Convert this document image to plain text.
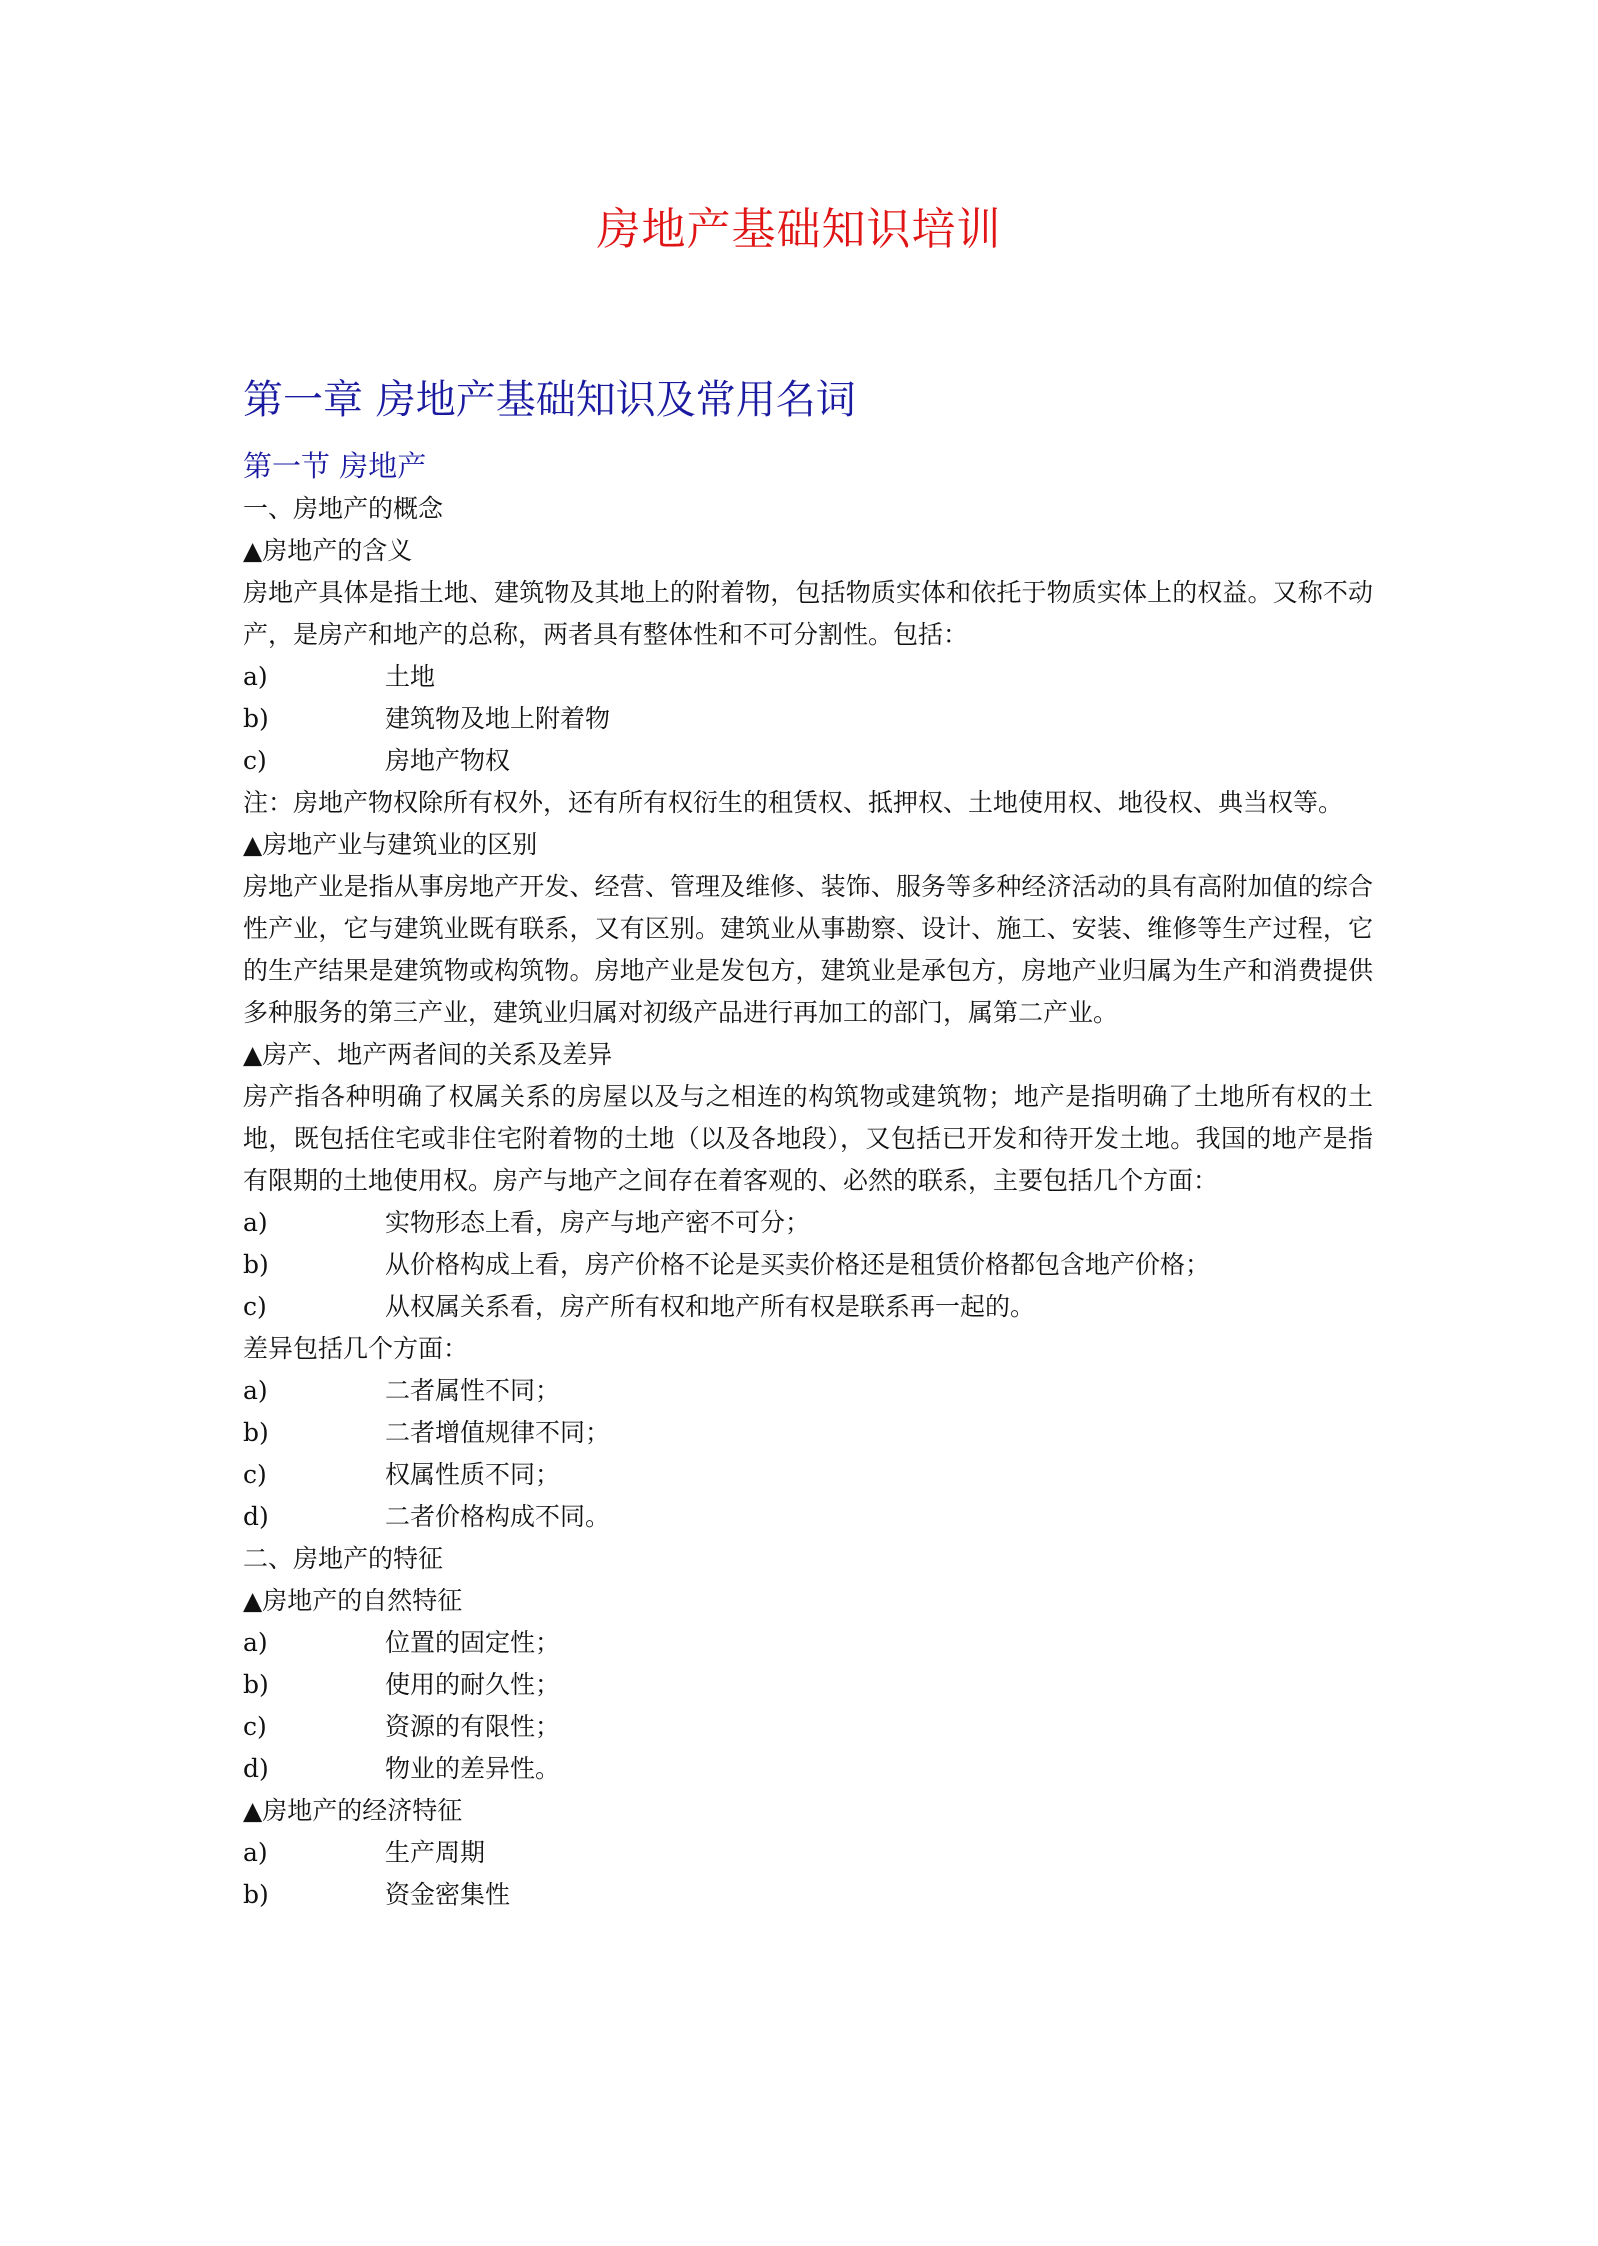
房地产基础知识培训
第一章 房地产基础知识及常用名词
第一节 房地产

一、房地产的概念

▲房地产的含义

房地产具体是指土地、建筑物及其地上的附着物，包括物质实体和依托于物质实体上的权益。又称不动产，是房产和地产的总称，两者具有整体性和不可分割性。包括：

a)	土地
b)	建筑物及地上附着物
c)	房地产物权

注：房地产物权除所有权外，还有所有权衍生的租赁权、抵押权、土地使用权、地役权、典当权等。

▲房地产业与建筑业的区别

房地产业是指从事房地产开发、经营、管理及维修、装饰、服务等多种经济活动的具有高附加值的综合性产业，它与建筑业既有联系，又有区别。建筑业从事勘察、设计、施工、安装、维修等生产过程，它的生产结果是建筑物或构筑物。房地产业是发包方，建筑业是承包方，房地产业归属为生产和消费提供多种服务的第三产业，建筑业归属对初级产品进行再加工的部门，属第二产业。

▲房产、地产两者间的关系及差异

房产指各种明确了权属关系的房屋以及与之相连的构筑物或建筑物；地产是指明确了土地所有权的土地，既包括住宅或非住宅附着物的土地（以及各地段），又包括已开发和待开发土地。我国的地产是指有限期的土地使用权。房产与地产之间存在着客观的、必然的联系，主要包括几个方面：

a)	实物形态上看，房产与地产密不可分；
b)	从价格构成上看，房产价格不论是买卖价格还是租赁价格都包含地产价格；
c)	从权属关系看，房产所有权和地产所有权是联系再一起的。

差异包括几个方面：

a)	二者属性不同；
b)	二者增值规律不同；
c)	权属性质不同；
d)	二者价格构成不同。

二、房地产的特征

▲房地产的自然特征

a)	位置的固定性；
b)	使用的耐久性；
c)	资源的有限性；
d)	物业的差异性。

▲房地产的经济特征

a)	生产周期
b)	资金密集性
